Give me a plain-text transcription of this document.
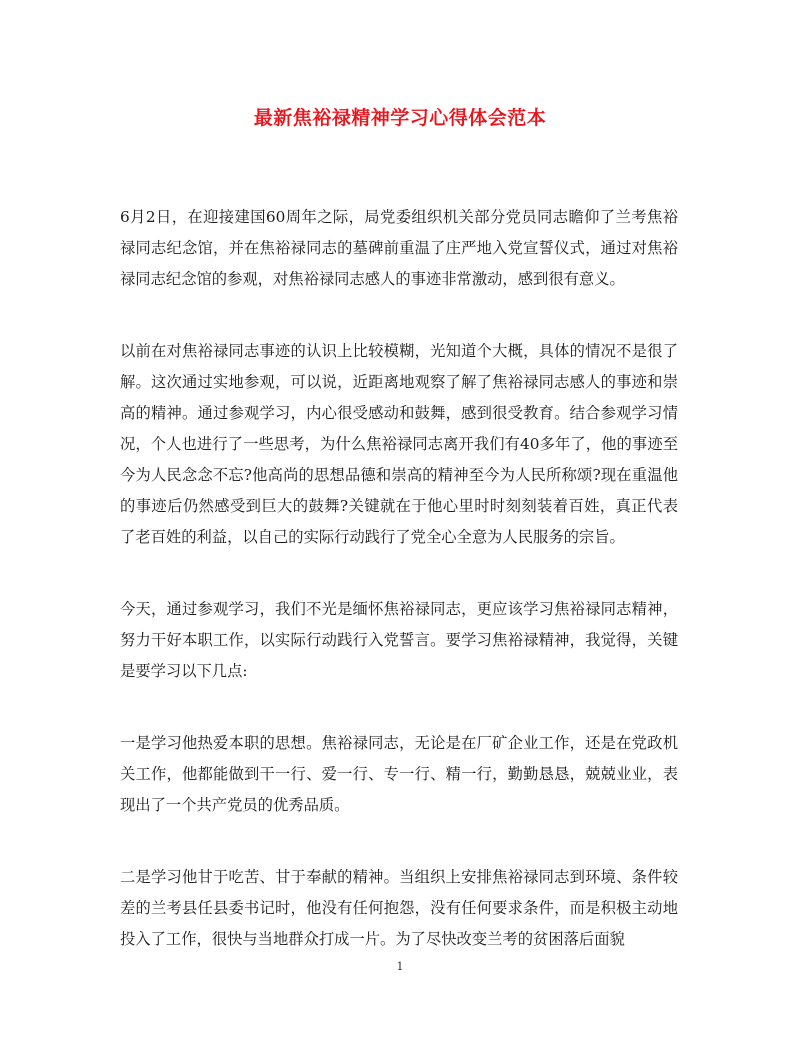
最新焦裕禄精神学习心得体会范本

6月2日，在迎接建国60周年之际，局党委组织机关部分党员同志瞻仰了兰考焦裕禄同志纪念馆，并在焦裕禄同志的墓碑前重温了庄严地入党宣誓仪式，通过对焦裕禄同志纪念馆的参观，对焦裕禄同志感人的事迹非常激动，感到很有意义。

以前在对焦裕禄同志事迹的认识上比较模糊，光知道个大概，具体的情况不是很了解。这次通过实地参观，可以说，近距离地观察了解了焦裕禄同志感人的事迹和崇高的精神。通过参观学习，内心很受感动和鼓舞，感到很受教育。结合参观学习情况，个人也进行了一些思考，为什么焦裕禄同志离开我们有40多年了，他的事迹至今为人民念念不忘?他高尚的思想品德和崇高的精神至今为人民所称颂?现在重温他的事迹后仍然感受到巨大的鼓舞?关键就在于他心里时时刻刻装着百姓，真正代表了老百姓的利益，以自己的实际行动践行了党全心全意为人民服务的宗旨。

今天，通过参观学习，我们不光是缅怀焦裕禄同志，更应该学习焦裕禄同志精神，努力干好本职工作，以实际行动践行入党誓言。要学习焦裕禄精神，我觉得，关键是要学习以下几点:

一是学习他热爱本职的思想。焦裕禄同志，无论是在厂矿企业工作，还是在党政机关工作，他都能做到干一行、爱一行、专一行、精一行，勤勤恳恳，兢兢业业，表现出了一个共产党员的优秀品质。

二是学习他甘于吃苦、甘于奉献的精神。当组织上安排焦裕禄同志到环境、条件较差的兰考县任县委书记时，他没有任何抱怨，没有任何要求条件，而是积极主动地投入了工作，很快与当地群众打成一片。为了尽快改变兰考的贫困落后面貌

1
